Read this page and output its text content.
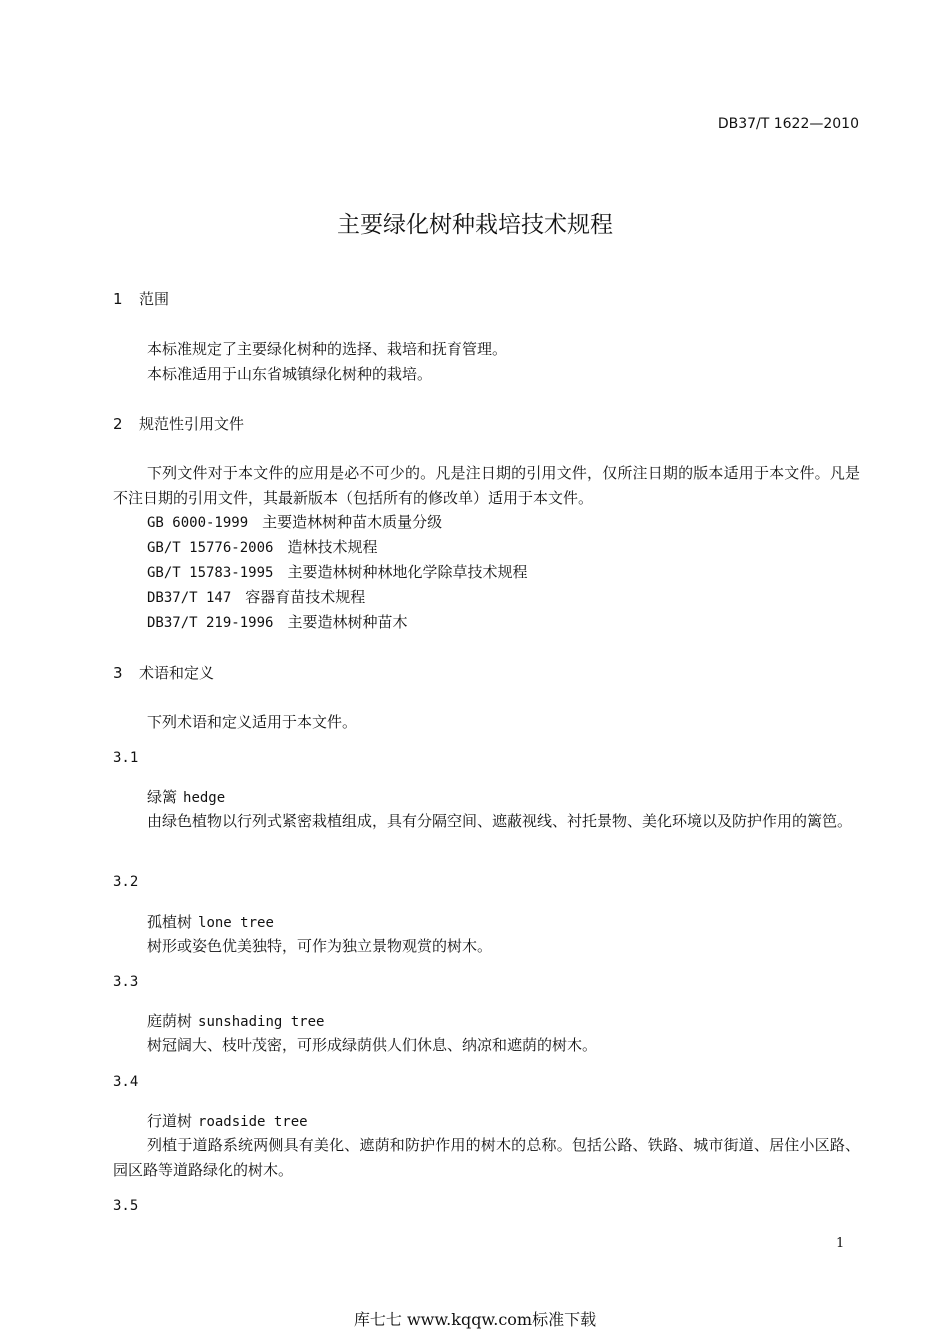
DB37/T 1622—2010
主要绿化树种栽培技术规程
1 范围
本标准规定了主要绿化树种的选择、栽培和抚育管理。
本标准适用于山东省城镇绿化树种的栽培。
2 规范性引用文件
下列文件对于本文件的应用是必不可少的。凡是注日期的引用文件，仅所注日期的版本适用于本文件。凡是不注日期的引用文件，其最新版本（包括所有的修改单）适用于本文件。
GB 6000-1999 主要造林树种苗木质量分级
GB/T 15776-2006 造林技术规程
GB/T 15783-1995 主要造林树种林地化学除草技术规程
DB37/T 147 容器育苗技术规程
DB37/T 219-1996 主要造林树种苗木
3 术语和定义
下列术语和定义适用于本文件。
3.1
绿篱 hedge
由绿色植物以行列式紧密栽植组成，具有分隔空间、遮蔽视线、衬托景物、美化环境以及防护作用的篱笆。
3.2
孤植树 lone tree
树形或姿色优美独特，可作为独立景物观赏的树木。
3.3
庭荫树 sunshading tree
树冠阔大、枝叶茂密，可形成绿荫供人们休息、纳凉和遮荫的树木。
3.4
行道树 roadside tree
列植于道路系统两侧具有美化、遮荫和防护作用的树木的总称。包括公路、铁路、城市街道、居住小区路、园区路等道路绿化的树木。
3.5
1
库七七 www.kqqw.com标准下载
